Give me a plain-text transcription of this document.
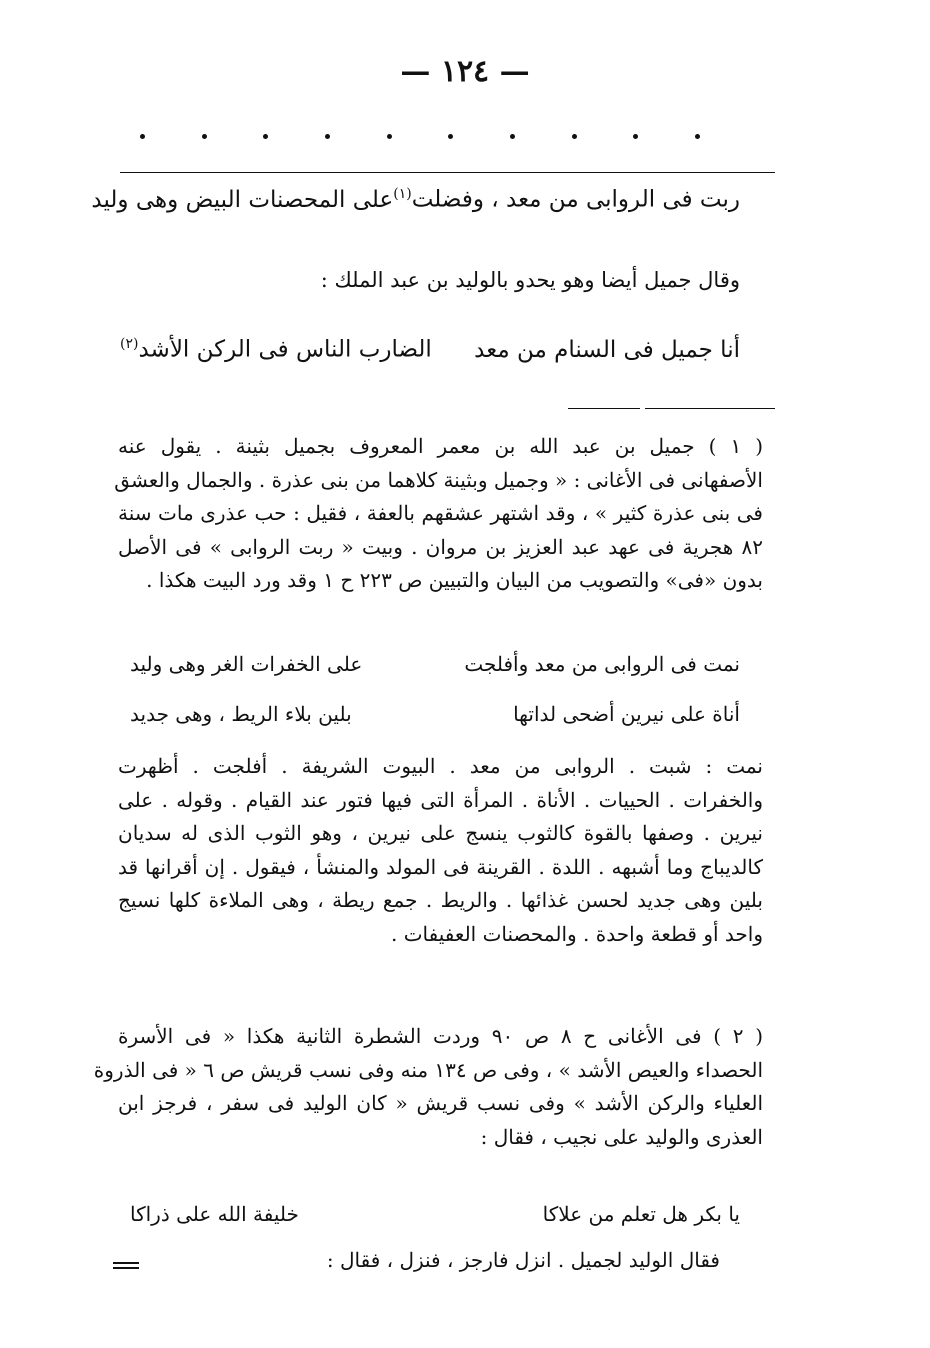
— ١٢٤ —
ربت فى الروابى من معد ، وفضلت$^{(١)}$
على المحصنات البيض وهى وليد
وقال جميل أيضا وهو يحدو بالوليد بن عبد الملك :
أنا جميل فى السنام من معد
الضارب الناس فى الركن الأشد$^{(٢)}$
( ١ ) جميل بن عبد الله بن معمر المعروف بجميل بثينة . يقول عنه
الأصفهانى فى الأغانى : « وجميل وبثينة كلاهما من بنى عذرة . والجمال والعشق
فى بنى عذرة كثير » ، وقد اشتهر عشقهم بالعفة ، فقيل : حب عذرى مات سنة
٨٢ هجرية فى عهد عبد العزيز بن مروان . وبيت « ربت الروابى » فى الأصل
بدون «فى» والتصويب من البيان والتبيين ص ٢٢٣ ح ١ وقد ورد البيت هكذا .
نمت فى الروابى من معد وأفلجت
على الخفرات الغر وهى وليد
أناة على نيرين أضحى لداتها
بلين بلاء الريط ، وهى جديد
نمت : شبت . الروابى من معد . البيوت الشريفة . أفلجت . أظهرت
والخفرات . الحييات . الأناة . المرأة التى فيها فتور عند القيام . وقوله . على
نيرين . وصفها بالقوة كالثوب ينسج على نيرين ، وهو الثوب الذى له سديان
كالديباج وما أشبهه . اللدة . القرينة فى المولد والمنشأ ، فيقول . إن أقرانها قد
بلين وهى جديد لحسن غذائها . والريط . جمع ريطة ، وهى الملاءة كلها نسيج
واحد أو قطعة واحدة . والمحصنات العفيفات .
( ٢ ) فى الأغانى ح ٨ ص ٩٠ وردت الشطرة الثانية هكذا « فى الأسرة
الحصداء والعيص الأشد » ، وفى ص ١٣٤ منه وفى نسب قريش ص ٦ « فى الذروة
العلياء والركن الأشد » وفى نسب قريش « كان الوليد فى سفر ، فرجز ابن
العذرى والوليد على نجيب ، فقال :
يا بكر هل تعلم من علاكا
خليفة الله على ذراكا
فقال الوليد لجميل . انزل فارجز ، فنزل ، فقال :
